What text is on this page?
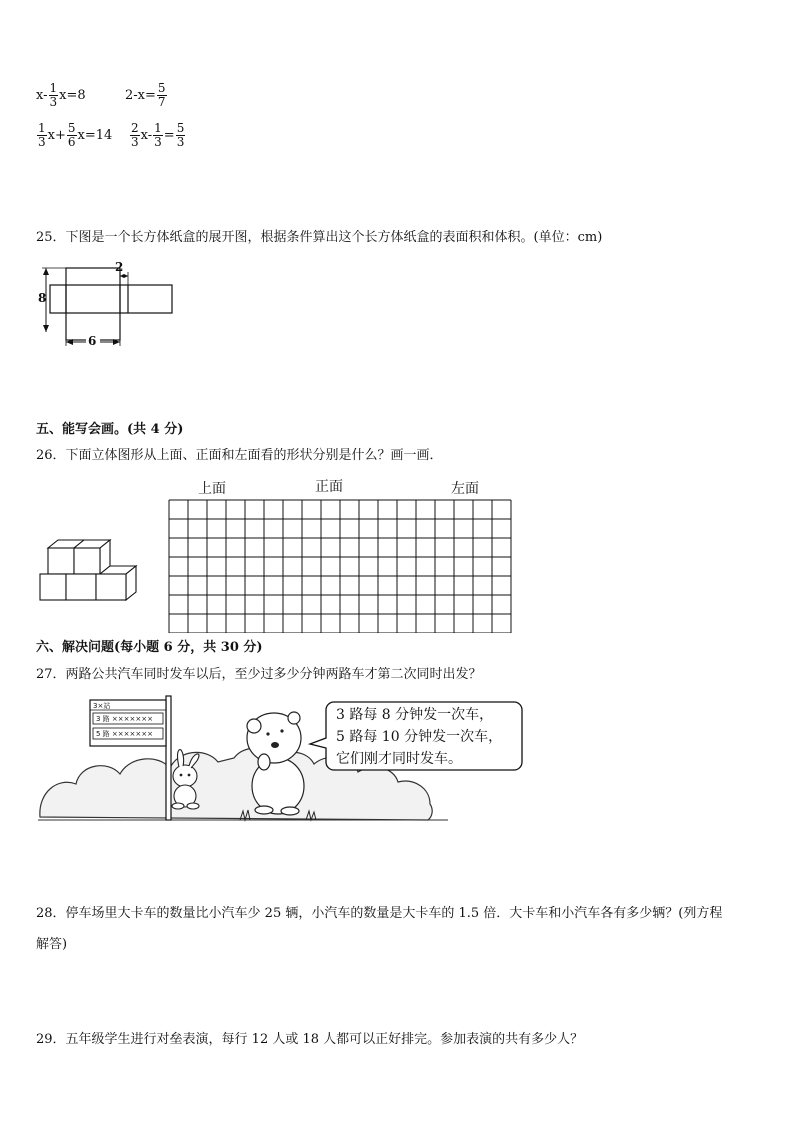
$x- \frac{1}{3} x=8$	$2-x= \frac{5}{7}$
$\frac{1}{3} x+ \frac{5}{6} x=14 \frac{2}{3} x- \frac{1}{3} = \frac{5}{3}$
25．下图是一个长方体纸盒的展开图，根据条件算出这个长方体纸盒的表面积和体积。(单位：cm)
2
8
6
五、能写会画。(共 4 分)
26．下面立体图形从上面、正面和左面看的形状分别是什么？画一画．
上面	正面	左面
六、解决问题(每小题 6 分，共 30 分)
27．两路公共汽车同时发车以后，至少过多少分钟两路车才第二次同时出发？
3×站
3 路 ×××××××
5 路 ×××××××
3 路每 8 分钟发一次车，
5 路每 10 分钟发一次车，
它们刚才同时发车。
28．停车场里大卡车的数量比小汽车少 25 辆，小汽车的数量是大卡车的 1.5 倍．大卡车和小汽车各有多少辆？(列方程
解答)
29．五年级学生进行对垒表演，每行 12 人或 18 人都可以正好排完。参加表演的共有多少人？
